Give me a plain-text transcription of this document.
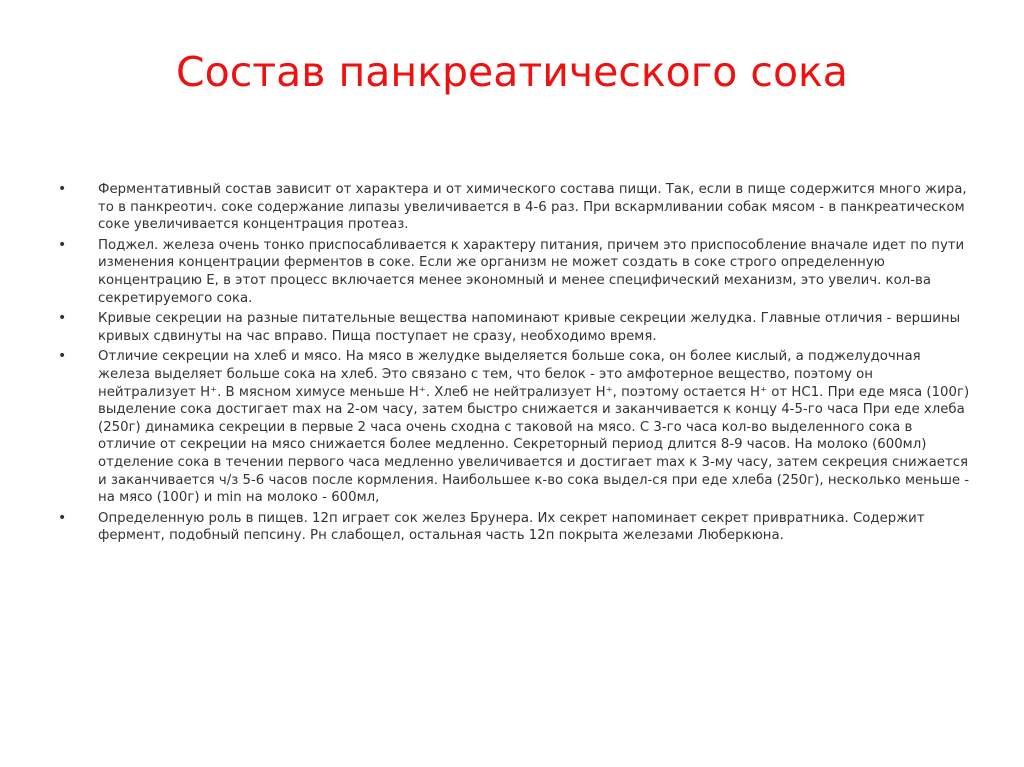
Состав панкреатического сока
• Ферментативный состав зависит от характера и от химического состава пищи. Так, если в пище содержится много жира, то в панкреотич. соке содержание липазы увеличивается в 4-6 раз. При вскармливании собак мясом - в панкреатическом соке увеличивается концентрация протеаз.
• Поджел. железа очень тонко приспосабливается к характеру питания, причем это приспособление вначале идет по пути изменения концентрации ферментов в соке. Если же организм не может создать в соке строго определенную концентрацию Е, в этот процесс включается менее экономный и менее специфический механизм, это увелич. кол-ва секретируемого сока.
• Кривые секреции на разные питательные вещества напоминают кривые секреции желудка. Главные отличия - вершины кривых сдвинуты на час вправо. Пища поступает не сразу, необходимо время.
• Отличие секреции на хлеб и мясо. На мясо в желудке выделяется больше сока, он более кислый, а поджелудочная железа выделяет больше сока на хлеб. Это связано с тем, что белок - это амфотерное вещество, поэтому он нейтрализует H⁺. В мясном химусе меньше H⁺. Хлеб не нейтрализует H⁺, поэтому остается H⁺ от HC1. При еде мяса (100г) выделение сока достигает max на 2-ом часу, затем быстро снижается и заканчивается к концу 4-5-го часа При еде хлеба (250г) динамика секреции в первые 2 часа очень сходна с таковой на мясо. С 3-го часа кол-во выделенного сока в отличие от секреции на мясо снижается более медленно. Секреторный период длится 8-9 часов. На молоко (600мл) отделение сока в течении первого часа медленно увеличивается и достигает max к 3-му часу, затем секреция снижается и заканчивается ч/з 5-6 часов после кормления. Наибольшее к-во сока выдел-ся при еде хлеба (250г), несколько меньше - на мясо (100г) и min на молоко - 600мл,
• Определенную роль в пищев. 12п играет сок желез Брунера. Их секрет напоминает секрет привратника. Содержит фермент, подобный пепсину. Рн слабощел, остальная часть 12п покрыта железами Люберкюна.
